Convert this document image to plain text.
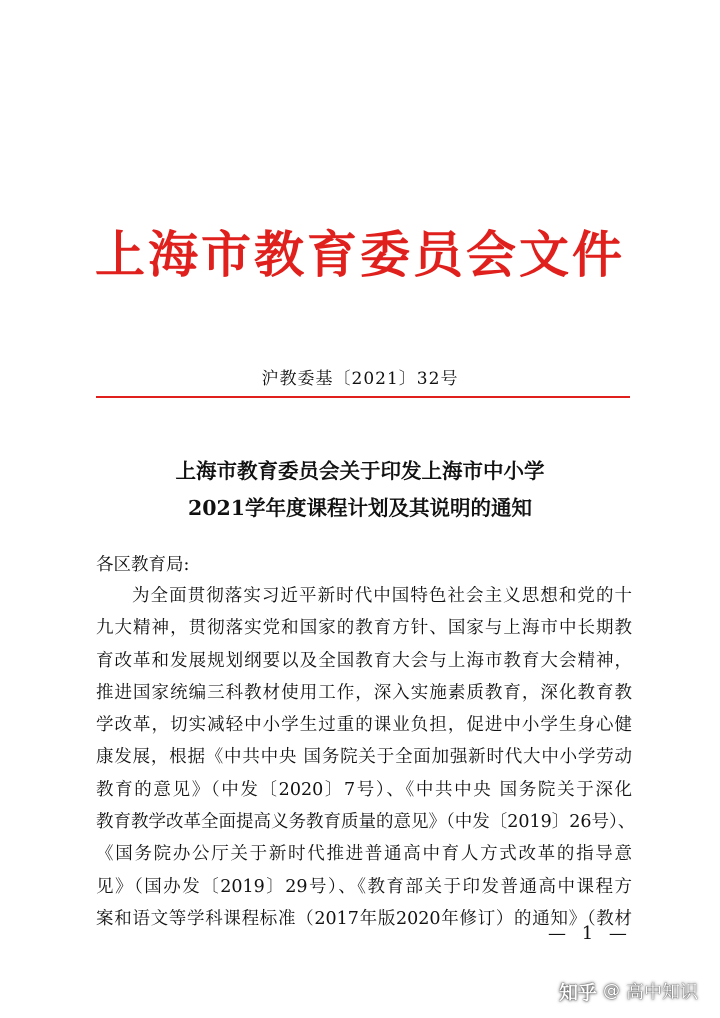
上海市教育委员会文件
沪教委基〔2021〕32号
上海市教育委员会关于印发上海市中小学
2021学年度课程计划及其说明的通知
各区教育局:
为全面贯彻落实习近平新时代中国特色社会主义思想和党的十
九大精神，贯彻落实党和国家的教育方针、国家与上海市中长期教
育改革和发展规划纲要以及全国教育大会与上海市教育大会精神，
推进国家统编三科教材使用工作，深入实施素质教育，深化教育教
学改革，切实减轻中小学生过重的课业负担，促进中小学生身心健
康发展，根据《中共中央 国务院关于全面加强新时代大中小学劳动
教育的意见》（中发〔2020〕7号）、《中共中央 国务院关于深化
教育教学改革全面提高义务教育质量的意见》（中发〔2019〕26号）、
《国务院办公厅关于新时代推进普通高中育人方式改革的指导意
见》（国办发〔2019〕29号）、《教育部关于印发普通高中课程方
案和语文等学科课程标准（2017年版2020年修订）的通知》（教材
— 1 —
知乎 @ 高中知识
